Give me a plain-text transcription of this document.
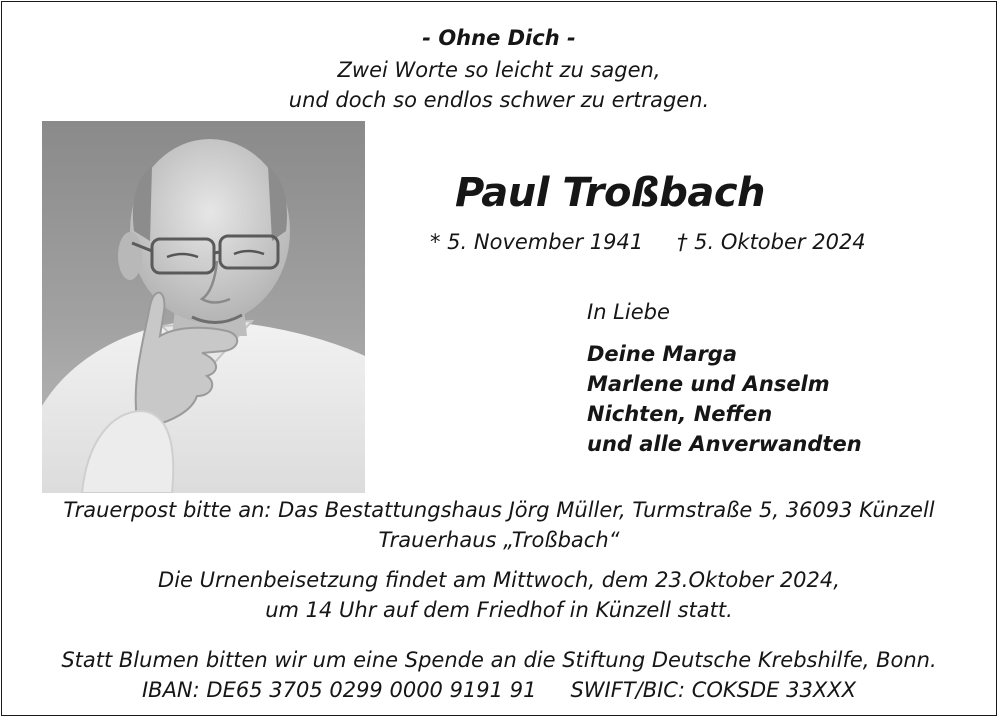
- Ohne Dich -
Zwei Worte so leicht zu sagen,
und doch so endlos schwer zu ertragen.
Paul Troßbach
* 5. November 1941 † 5. Oktober 2024
In Liebe
Deine Marga
Marlene und Anselm
Nichten, Neffen
und alle Anverwandten
Trauerpost bitte an: Das Bestattungshaus Jörg Müller, Turmstraße 5, 36093 Künzell
Trauerhaus „Troßbach“
Die Urnenbeisetzung findet am Mittwoch, dem 23.Oktober 2024,
um 14 Uhr auf dem Friedhof in Künzell statt.
Statt Blumen bitten wir um eine Spende an die Stiftung Deutsche Krebshilfe, Bonn.
IBAN: DE65 3705 0299 0000 9191 91 SWIFT/BIC: COKSDE 33XXX
